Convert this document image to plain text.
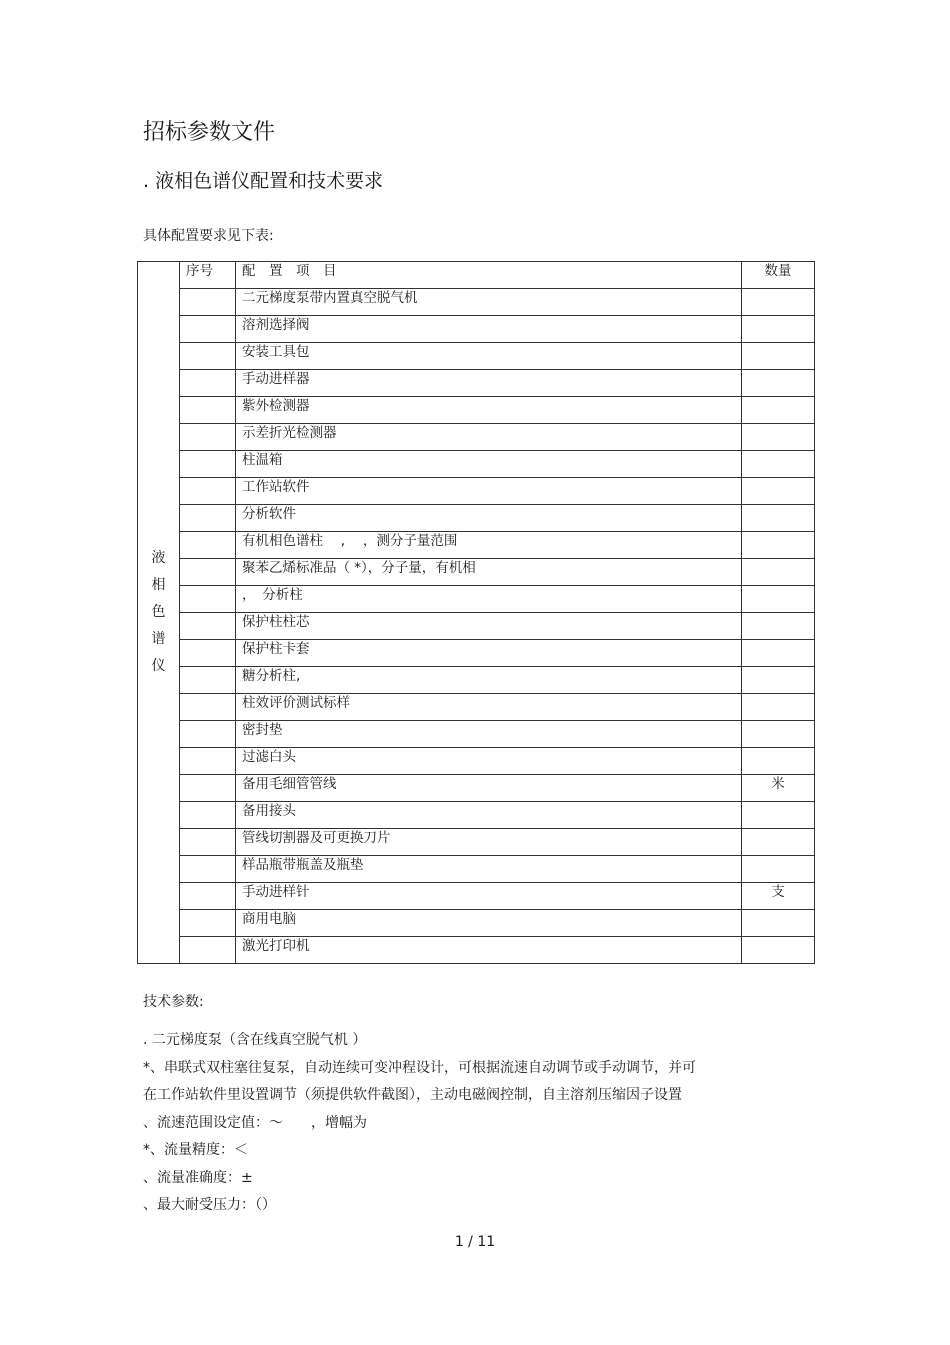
招标参数文件
. 液相色谱仪配置和技术要求
具体配置要求见下表:
液相色谱仪	序号	配　置　项　目	数量
		二元梯度泵带内置真空脱气机	
		溶剂选择阀	
		安装工具包	
		手动进样器	
		紫外检测器	
		示差折光检测器	
		柱温箱	
		工作站软件	
		分析软件	
		有机相色谱柱　 ,　 ，测分子量范围	
		聚苯乙烯标准品（ *），分子量，有机相	
		，　分析柱	
		保护柱柱芯	
		保护柱卡套	
		糖分析柱,	
		柱效评价测试标样	
		密封垫	
		过滤白头	
		备用毛细管管线	米
		备用接头	
		管线切割器及可更换刀片	
		样品瓶带瓶盖及瓶垫	
		手动进样针	支
		商用电脑	
		激光打印机	
技术参数:
. 二元梯度泵（含在线真空脱气机 ）
*、串联式双柱塞往复泵，自动连续可变冲程设计，可根据流速自动调节或手动调节，并可
在工作站软件里设置调节（须提供软件截图），主动电磁阀控制，自主溶剂压缩因子设置
、流速范围设定值：～　　，增幅为
*、流量精度：＜
、流量准确度：±
、最大耐受压力：（）
1 / 11
